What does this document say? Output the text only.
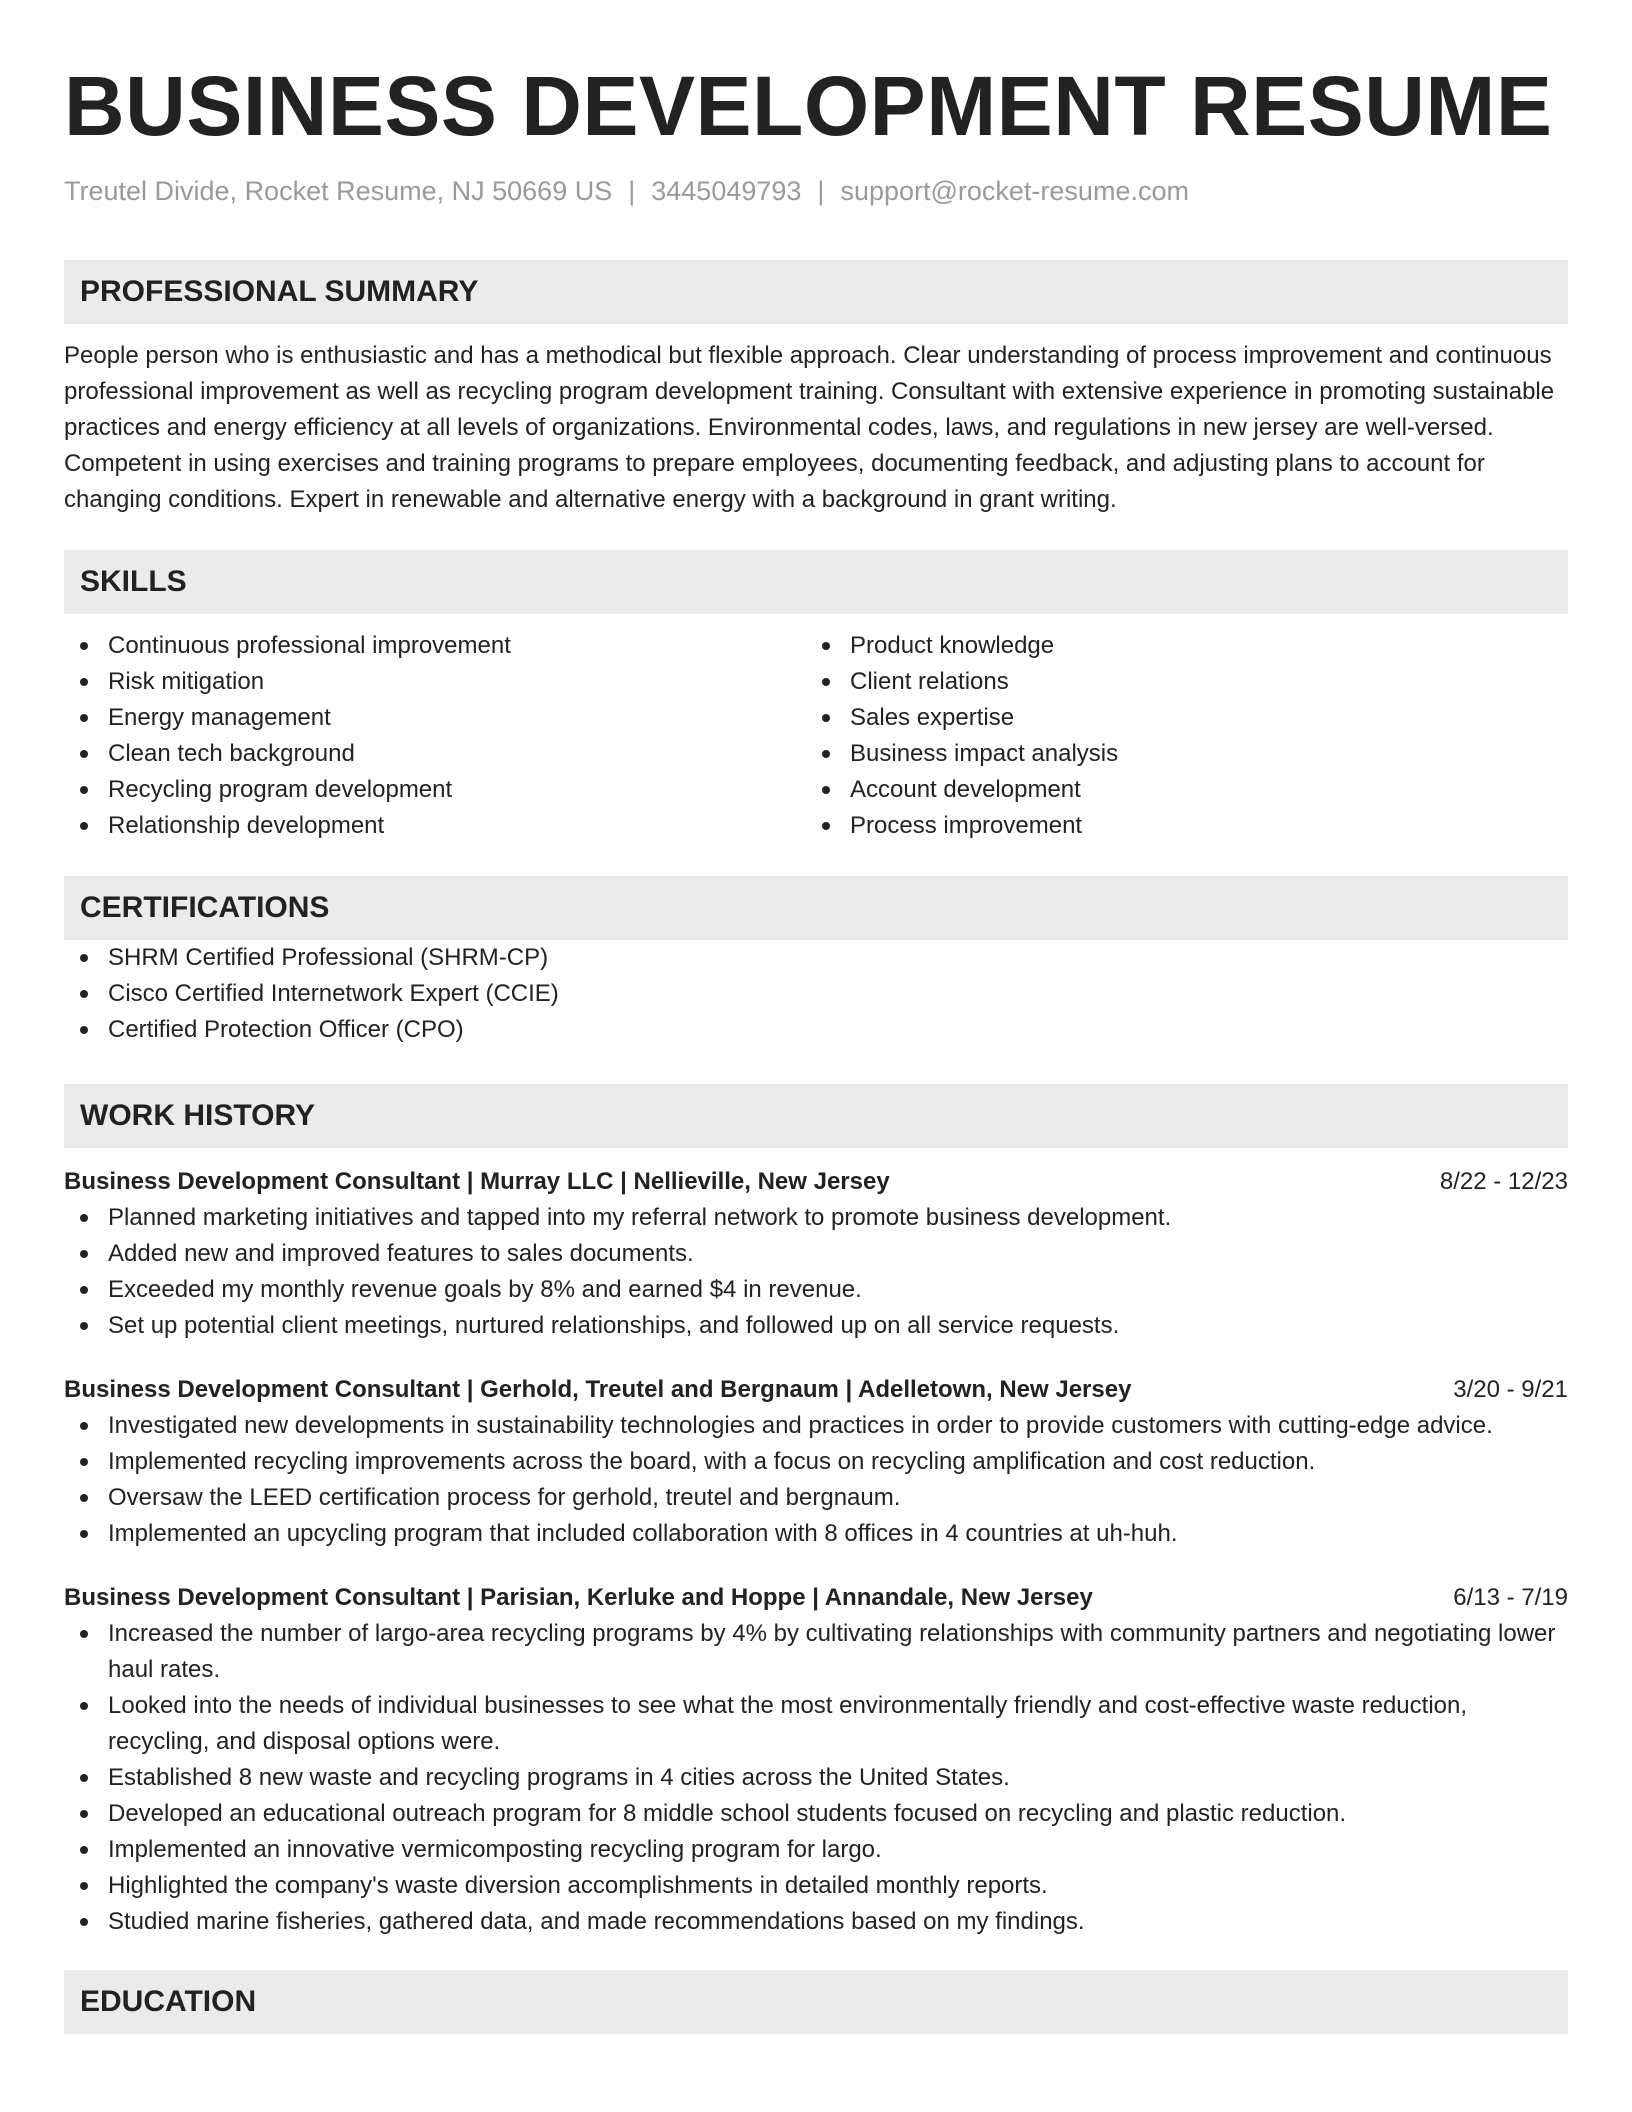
BUSINESS DEVELOPMENT RESUME
Treutel Divide, Rocket Resume, NJ 50669 US | 3445049793 | support@rocket-resume.com
PROFESSIONAL SUMMARY

People person who is enthusiastic and has a methodical but flexible approach. Clear understanding of process improvement and continuous professional improvement as well as recycling program development training. Consultant with extensive experience in promoting sustainable practices and energy efficiency at all levels of organizations. Environmental codes, laws, and regulations in new jersey are well-versed. Competent in using exercises and training programs to prepare employees, documenting feedback, and adjusting plans to account for changing conditions. Expert in renewable and alternative energy with a background in grant writing.

SKILLS
Continuous professional improvement
Risk mitigation
Energy management
Clean tech background
Recycling program development
Relationship development
Product knowledge
Client relations
Sales expertise
Business impact analysis
Account development
Process improvement
CERTIFICATIONS
SHRM Certified Professional (SHRM-CP)
Cisco Certified Internetwork Expert (CCIE)
Certified Protection Officer (CPO)
WORK HISTORY
Business Development Consultant | Murray LLC | Nellieville, New Jersey	8/22 - 12/23
Planned marketing initiatives and tapped into my referral network to promote business development.
Added new and improved features to sales documents.
Exceeded my monthly revenue goals by 8% and earned $4 in revenue.
Set up potential client meetings, nurtured relationships, and followed up on all service requests.
Business Development Consultant | Gerhold, Treutel and Bergnaum | Adelletown, New Jersey	3/20 - 9/21
Investigated new developments in sustainability technologies and practices in order to provide customers with cutting-edge advice.
Implemented recycling improvements across the board, with a focus on recycling amplification and cost reduction.
Oversaw the LEED certification process for gerhold, treutel and bergnaum.
Implemented an upcycling program that included collaboration with 8 offices in 4 countries at uh-huh.
Business Development Consultant | Parisian, Kerluke and Hoppe | Annandale, New Jersey	6/13 - 7/19
Increased the number of largo-area recycling programs by 4% by cultivating relationships with community partners and negotiating lower haul rates.
Looked into the needs of individual businesses to see what the most environmentally friendly and cost-effective waste reduction, recycling, and disposal options were.
Established 8 new waste and recycling programs in 4 cities across the United States.
Developed an educational outreach program for 8 middle school students focused on recycling and plastic reduction.
Implemented an innovative vermicomposting recycling program for largo.
Highlighted the company's waste diversion accomplishments in detailed monthly reports.
Studied marine fisheries, gathered data, and made recommendations based on my findings.
EDUCATION
